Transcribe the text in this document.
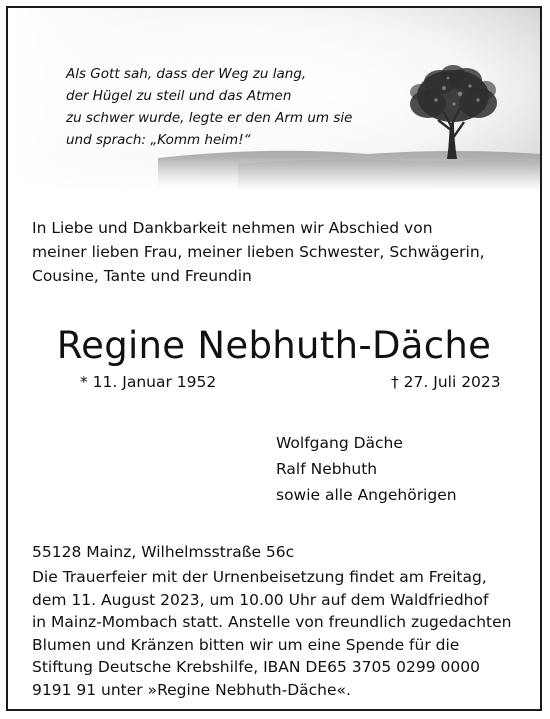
Als Gott sah, dass der Weg zu lang,
der Hügel zu steil und das Atmen
zu schwer wurde, legte er den Arm um sie
und sprach: „Komm heim!“
In Liebe und Dankbarkeit nehmen wir Abschied von
meiner lieben Frau, meiner lieben Schwester, Schwägerin,
Cousine, Tante und Freundin
Regine Nebhuth-Däche
* 11. Januar 1952	† 27. Juli 2023
Wolfgang Däche
Ralf Nebhuth
sowie alle Angehörigen
55128 Mainz, Wilhelmsstraße 56c
Die Trauerfeier mit der Urnenbeisetzung findet am Freitag,
dem 11. August 2023, um 10.00 Uhr auf dem Waldfriedhof
in Mainz-Mombach statt. Anstelle von freundlich zugedachten
Blumen und Kränzen bitten wir um eine Spende für die
Stiftung Deutsche Krebshilfe, IBAN DE65 3705 0299 0000
9191 91 unter »Regine Nebhuth-Däche«.
